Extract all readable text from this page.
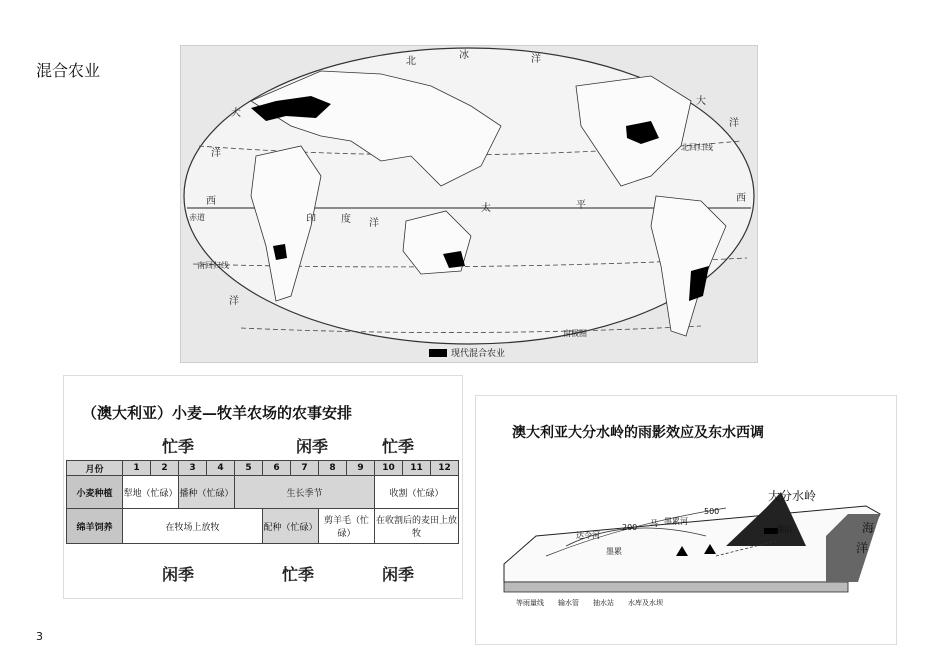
混合农业	北
冰	洋
大
大
西	西
洋
洋
洋
印	度 洋
太	平
北回归线
赤道
南回归线
南极圈
现代混合农业
（澳大利亚）小麦—牧羊农场的农事安排
忙季	闲季	忙季
月份	1	2	3	4	5	6	7	8	9	10	11	12
小麦种植	犁地（忙碌）		播种（忙碌）		生长季节					收割（忙碌）		
绵羊饲养	在牧场上放牧					配种（忙碌）		剪羊毛（忙碌）		在收割后的麦田上放牧		
闲季	忙季	闲季
澳大利亚大分水岭的雨影效应及东水西调
大分水岭
湖泊	海
洋
达令河
墨累
200
500
马 墨累河
等雨量线 输水管 抽水站 水库及水坝
3
